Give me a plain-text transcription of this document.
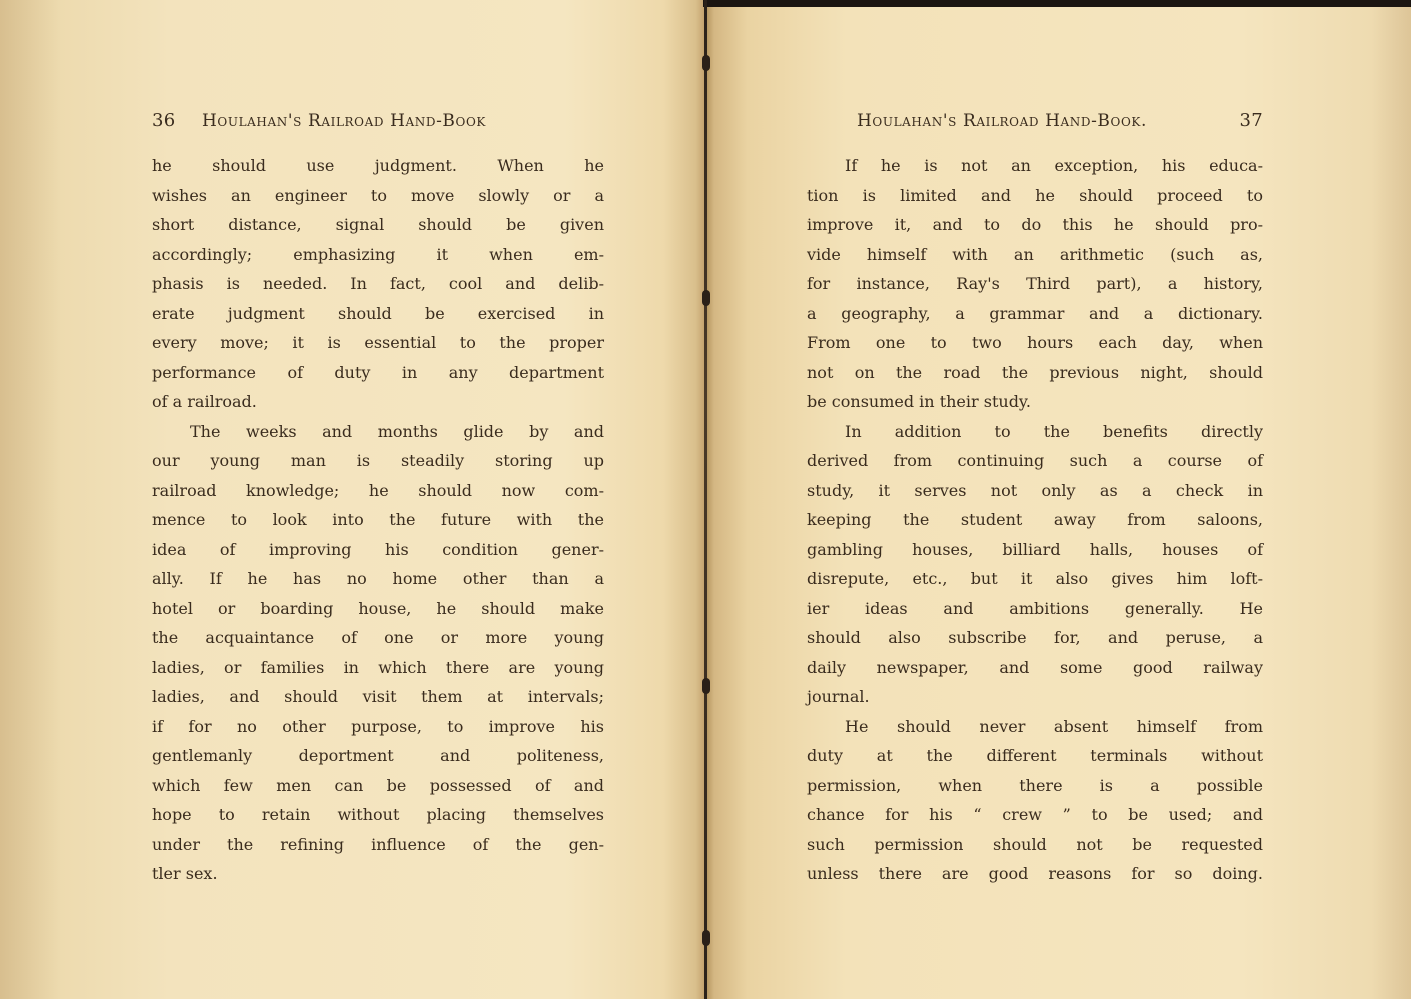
36 Houlahan's Railroad Hand-Book
he should use judgment. When he
wishes an engineer to move slowly or a
short distance, signal should be given
accordingly; emphasizing it when em-
phasis is needed. In fact, cool and delib-
erate judgment should be exercised in
every move; it is essential to the proper
performance of duty in any department
of a railroad.
The weeks and months glide by and
our young man is steadily storing up
railroad knowledge; he should now com-
mence to look into the future with the
idea of improving his condition gener-
ally. If he has no home other than a
hotel or boarding house, he should make
the acquaintance of one or more young
ladies, or families in which there are young
ladies, and should visit them at intervals;
if for no other purpose, to improve his
gentlemanly deportment and politeness,
which few men can be possessed of and
hope to retain without placing themselves
under the refining influence of the gen-
tler sex.
Houlahan's Railroad Hand-Book.	37
If he is not an exception, his educa-
tion is limited and he should proceed to
improve it, and to do this he should pro-
vide himself with an arithmetic (such as,
for instance, Ray's Third part), a history,
a geography, a grammar and a dictionary.
From one to two hours each day, when
not on the road the previous night, should
be consumed in their study.
In addition to the benefits directly
derived from continuing such a course of
study, it serves not only as a check in
keeping the student away from saloons,
gambling houses, billiard halls, houses of
disrepute, etc., but it also gives him loft-
ier ideas and ambitions generally. He
should also subscribe for, and peruse, a
daily newspaper, and some good railway
journal.
He should never absent himself from
duty at the different terminals without
permission, when there is a possible
chance for his “ crew ” to be used; and
such permission should not be requested
unless there are good reasons for so doing.
